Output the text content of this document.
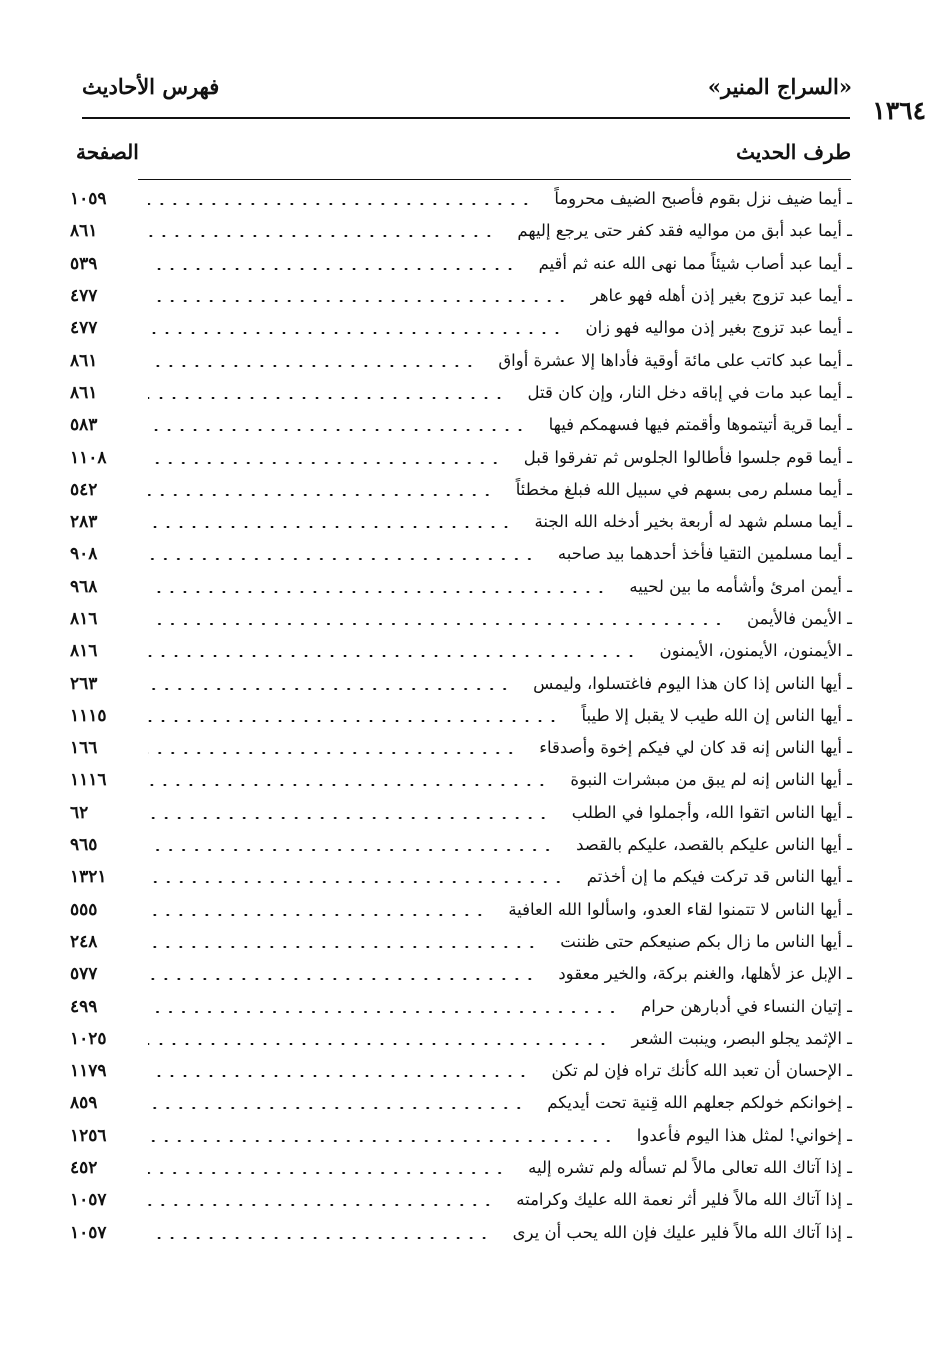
«السراج المنير»
فهرس الأحاديث
١٣٦٤
طرف الحديث
الصفحة
ـ أيما ضيف نزل بقوم فأصبح الضيف محروماً
١٠٥٩
ـ أيما عبد أبق من مواليه فقد كفر حتى يرجع إليهم
٨٦١
ـ أيما عبد أصاب شيئاً مما نهى الله عنه ثم أقيم
٥٣٩
ـ أيما عبد تزوج بغير إذن أهله فهو عاهر
٤٧٧
ـ أيما عبد تزوج بغير إذن مواليه فهو زان
٤٧٧
ـ أيما عبد كاتب على مائة أوقية فأداها إلا عشرة أواق
٨٦١
ـ أيما عبد مات في إباقه دخل النار، وإن كان قتل
٨٦١
ـ أيما قرية أتيتموها وأقمتم فيها فسهمكم فيها
٥٨٣
ـ أيما قوم جلسوا فأطالوا الجلوس ثم تفرقوا قبل
١١٠٨
ـ أيما مسلم رمى بسهم في سبيل الله فبلغ مخطئاً
٥٤٢
ـ أيما مسلم شهد له أربعة بخير أدخله الله الجنة
٢٨٣
ـ أيما مسلمين التقيا فأخذ أحدهما بيد صاحبه
٩٠٨
ـ أيمن امرئ وأشأمه ما بين لحييه
٩٦٨
ـ الأيمن فالأيمن
٨١٦
ـ الأيمنون، الأيمنون، الأيمنون
٨١٦
ـ أيها الناس إذا كان هذا اليوم فاغتسلوا، وليمس
٢٦٣
ـ أيها الناس إن الله طيب لا يقبل إلا طيباً
١١١٥
ـ أيها الناس إنه قد كان لي فيكم إخوة وأصدقاء
١٦٦
ـ أيها الناس إنه لم يبق من مبشرات النبوة
١١١٦
ـ أيها الناس اتقوا الله، وأجملوا في الطلب
٦٢
ـ أيها الناس عليكم بالقصد، عليكم بالقصد
٩٦٥
ـ أيها الناس قد تركت فيكم ما إن أخذتم
١٣٢١
ـ أيها الناس لا تتمنوا لقاء العدو، واسألوا الله العافية
٥٥٥
ـ أيها الناس ما زال بكم صنيعكم حتى ظننت
٢٤٨
ـ الإبل عز لأهلها، والغنم بركة، والخير معقود
٥٧٧
ـ إتيان النساء في أدبارهن حرام
٤٩٩
ـ الإثمد يجلو البصر، وينبت الشعر
١٠٢٥
ـ الإحسان أن تعبد الله كأنك تراه فإن لم تكن
١١٧٩
ـ إخوانكم خولكم جعلهم الله قِنية تحت أيديكم
٨٥٩
ـ إخواني! لمثل هذا اليوم فأعدوا
١٢٥٦
ـ إذا آتاك الله تعالى مالاً لم تسأله ولم تشره إليه
٤٥٢
ـ إذا آتاك الله مالاً فلير أثر نعمة الله عليك وكرامته
١٠٥٧
ـ إذا آتاك الله مالاً فلير عليك فإن الله يحب أن يرى
١٠٥٧
